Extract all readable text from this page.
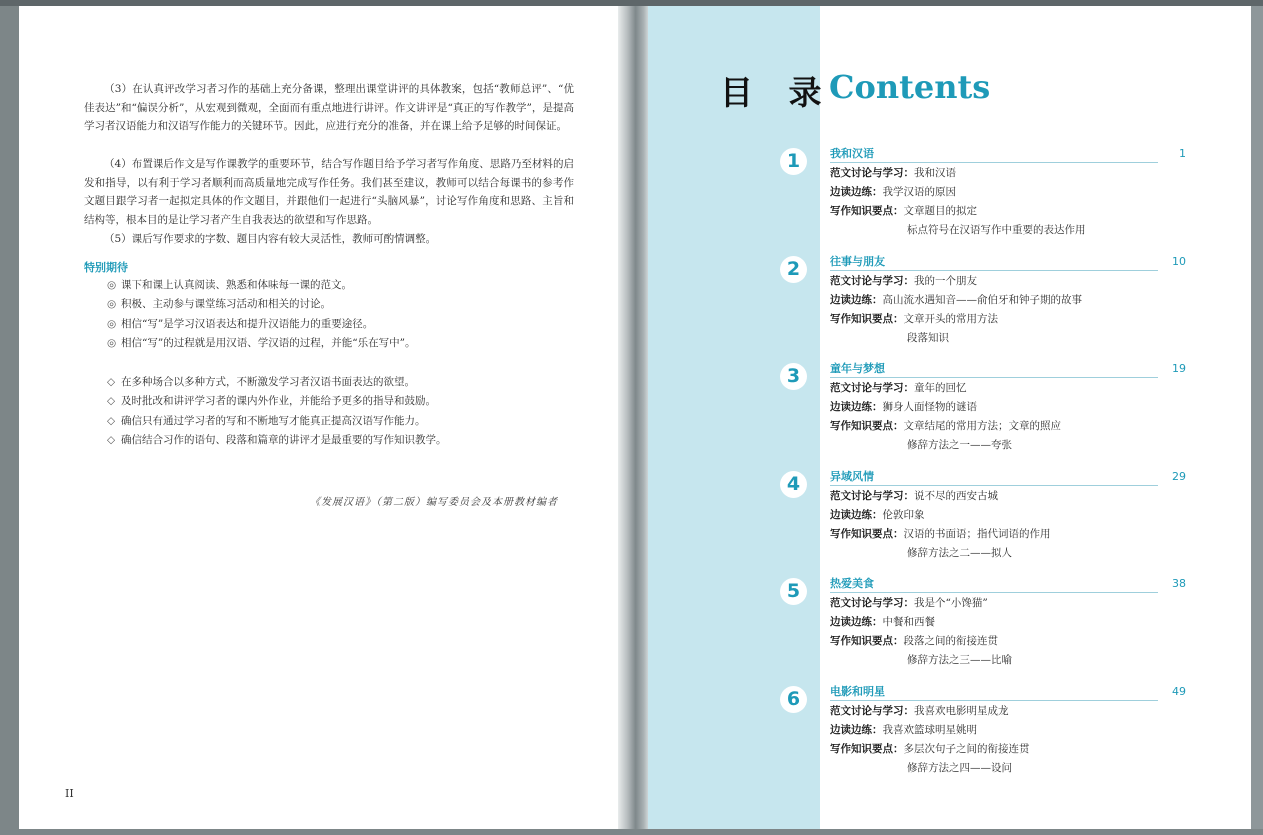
（3）在认真评改学习者习作的基础上充分备课，整理出课堂讲评的具体教案，包括“教师总评”、“优佳表达”和“偏误分析”，从宏观到微观，全面而有重点地进行讲评。作文讲评是“真正的写作教学”，是提高学习者汉语能力和汉语写作能力的关键环节。因此，应进行充分的准备，并在课上给予足够的时间保证。

（4）布置课后作文是写作课教学的重要环节，结合写作题目给予学习者写作角度、思路乃至材料的启发和指导，以有利于学习者顺利而高质量地完成写作任务。我们甚至建议，教师可以结合每课书的参考作文题目跟学习者一起拟定具体的作文题目，并跟他们一起进行“头脑风暴”，讨论写作角度和思路、主旨和结构等，根本目的是让学习者产生自我表达的欲望和写作思路。

（5）课后写作要求的字数、题目内容有较大灵活性，教师可酌情调整。

特别期待

◎ 课下和课上认真阅读、熟悉和体味每一课的范文。
◎ 积极、主动参与课堂练习活动和相关的讨论。
◎ 相信“写”是学习汉语表达和提升汉语能力的重要途径。
◎ 相信“写”的过程就是用汉语、学汉语的过程，并能“乐在写中”。
◇ 在多种场合以多种方式，不断激发学习者汉语书面表达的欲望。
◇ 及时批改和讲评学习者的课内外作业，并能给予更多的指导和鼓励。
◇ 确信只有通过学习者的写和不断地写才能真正提高汉语写作能力。
◇ 确信结合习作的语句、段落和篇章的讲评才是最重要的写作知识教学。

《发展汉语》（第二版）编写委员会及本册教材编者

II

目 录

Contents

1	我和汉语	1

范文讨论与学习：我和汉语

边读边练：我学汉语的原因

写作知识要点：文章题目的拟定

标点符号在汉语写作中重要的表达作用

2	往事与朋友	10

范文讨论与学习：我的一个朋友

边读边练：高山流水遇知音——俞伯牙和钟子期的故事

写作知识要点：文章开头的常用方法

段落知识

3	童年与梦想	19

范文讨论与学习：童年的回忆

边读边练：狮身人面怪物的谜语

写作知识要点：文章结尾的常用方法；文章的照应

修辞方法之一——夸张

4	异域风情	29

范文讨论与学习：说不尽的西安古城

边读边练：伦敦印象

写作知识要点：汉语的书面语；指代词语的作用

修辞方法之二——拟人

5	热爱美食	38

范文讨论与学习：我是个“小馋猫”

边读边练：中餐和西餐

写作知识要点：段落之间的衔接连贯

修辞方法之三——比喻

6	电影和明星	49

范文讨论与学习：我喜欢电影明星成龙

边读边练：我喜欢篮球明星姚明

写作知识要点：多层次句子之间的衔接连贯

修辞方法之四——设问
